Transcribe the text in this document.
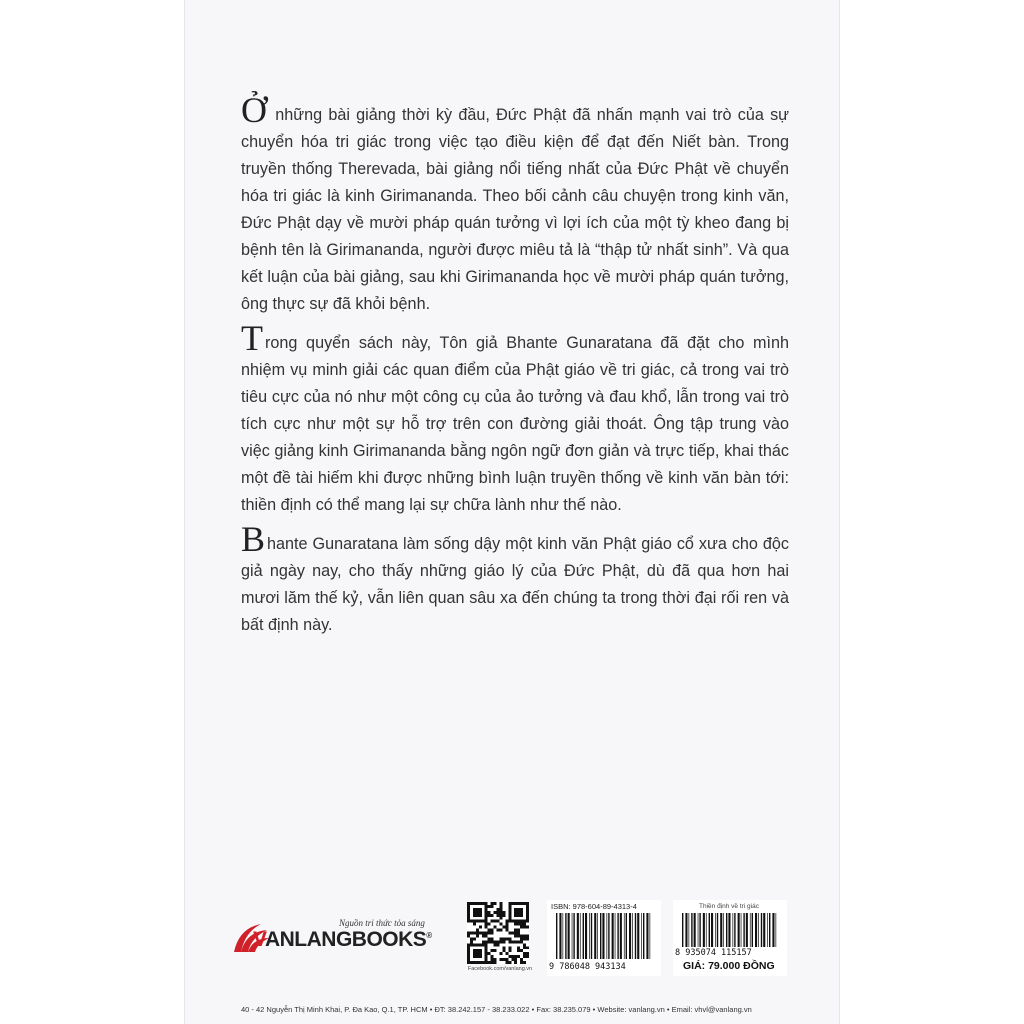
Ở những bài giảng thời kỳ đầu, Đức Phật đã nhấn mạnh vai trò của sự chuyển hóa tri giác trong việc tạo điều kiện để đạt đến Niết bàn. Trong truyền thống Therevada, bài giảng nổi tiếng nhất của Đức Phật về chuyển hóa tri giác là kinh Girimananda. Theo bối cảnh câu chuyện trong kinh văn, Đức Phật dạy về mười pháp quán tưởng vì lợi ích của một tỳ kheo đang bị bệnh tên là Girimananda, người được miêu tả là “thập tử nhất sinh”. Và qua kết luận của bài giảng, sau khi Girimananda học về mười pháp quán tưởng, ông thực sự đã khỏi bệnh.

Trong quyển sách này, Tôn giả Bhante Gunaratana đã đặt cho mình nhiệm vụ minh giải các quan điểm của Phật giáo về tri giác, cả trong vai trò tiêu cực của nó như một công cụ của ảo tưởng và đau khổ, lẫn trong vai trò tích cực như một sự hỗ trợ trên con đường giải thoát. Ông tập trung vào việc giảng kinh Girimananda bằng ngôn ngữ đơn giản và trực tiếp, khai thác một đề tài hiếm khi được những bình luận truyền thống về kinh văn bàn tới: thiền định có thể mang lại sự chữa lành như thế nào.

Bhante Gunaratana làm sống dậy một kinh văn Phật giáo cổ xưa cho độc giả ngày nay, cho thấy những giáo lý của Đức Phật, dù đã qua hơn hai mươi lăm thế kỷ, vẫn liên quan sâu xa đến chúng ta trong thời đại rối ren và bất định này.

Nguồn tri thức tỏa sáng
VANLANGBOOKS®
Facebook.com/vanlang.vn
ISBN: 978-604-89-4313-4
9 786048 943134
Thiền định về tri giác
8 935074 115157
GIÁ: 79.000 ĐỒNG
40 - 42 Nguyễn Thị Minh Khai, P. Đa Kao, Q.1, TP. HCM • ĐT: 38.242.157 - 38.233.022 • Fax: 38.235.079 • Website: vanlang.vn • Email: vhvl@vanlang.vn
